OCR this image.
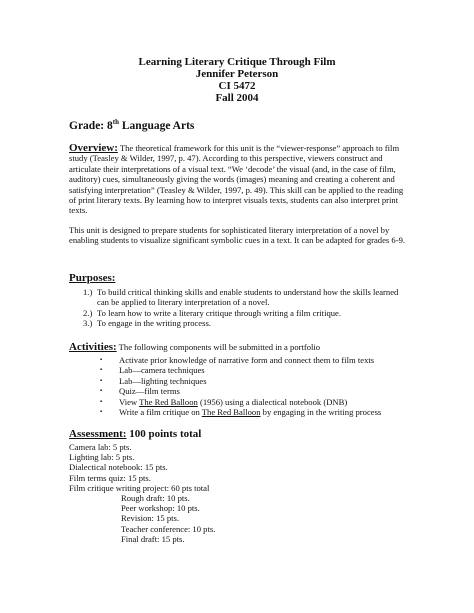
Learning Literary Critique Through Film
Jennifer Peterson
CI 5472
Fall 2004
Grade: 8th Language Arts
Overview: The theoretical framework for this unit is the “viewer-response” approach to film study (Teasley & Wilder, 1997, p. 47). According to this perspective, viewers construct and articulate their interpretations of a visual text. “We ‘decode’ the visual (and, in the case of film, auditory) cues, simultaneously giving the words (images) meaning and creating a coherent and satisfying interpretation” (Teasley & Wilder, 1997, p. 49). This skill can be applied to the reading of print literary texts. By learning how to interpret visuals texts, students can also interpret print texts.
This unit is designed to prepare students for sophisticated literary interpretation of a novel by enabling students to visualize significant symbolic cues in a text. It can be adapted for grades 6-9.
Purposes:
1.) To build critical thinking skills and enable students to understand how the skills learned can be applied to literary interpretation of a novel.
2.) To learn how to write a literary critique through writing a film critique.
3.) To engage in the writing process.
Activities: The following components will be submitted in a portfolio
▪ Activate prior knowledge of narrative form and connect them to film texts
▪ Lab—camera techniques
▪ Lab—lighting techniques
▪ Quiz—film terms
▪ View The Red Balloon (1956) using a dialectical notebook (DNB)
▪ Write a film critique on The Red Balloon by engaging in the writing process
Assessment: 100 points total
Camera lab: 5 pts.
Lighting lab: 5 pts.
Dialectical notebook: 15 pts.
Film terms quiz: 15 pts.
Film critique writing project: 60 pts total
Rough draft: 10 pts.
Peer workshop: 10 pts.
Revision: 15 pts.
Teacher conference: 10 pts.
Final draft: 15 pts.
